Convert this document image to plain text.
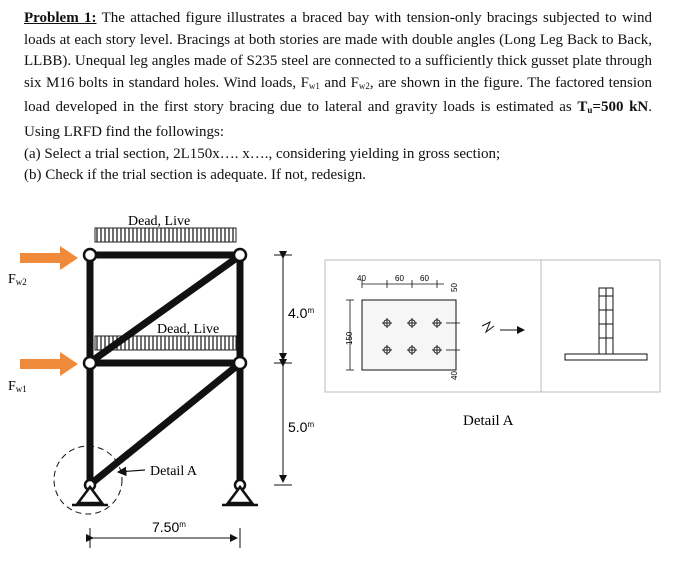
Problem 1: The attached figure illustrates a braced bay with tension-only bracings subjected to wind loads at each story level. Bracings at both stories are made with double angles (Long Leg Back to Back, LLBB). Unequal leg angles made of S235 steel are connected to a sufficiently thick gusset plate through six M16 bolts in standard holes. Wind loads, $F_{w1}$ and $F_{w2}$, are shown in the figure. The factored tension load developed in the first story bracing due to lateral and gravity loads is estimated as $T_u=500$ kN. Using LRFD find the followings:

(a) Select a trial section, 2L150x…. x…., considering yielding in gross section;

(b) Check if the trial section is adequate. If not, redesign.

Dead, Live
Dead, Live
Fw2
Fw1
Detail A
4.0$^m$
5.0$^m$
7.50$^m$
40	60 60
50
150
40
Detail A
